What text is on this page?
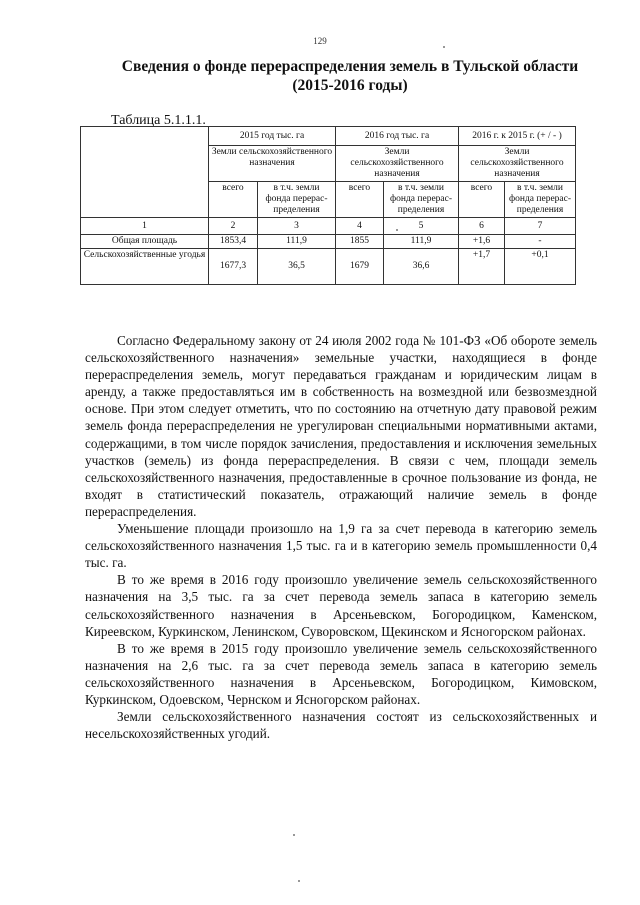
129
Сведения о фонде перераспределения земель в Тульской области
(2015-2016 годы)
Таблица 5.1.1.1.
	2015 год тыс. га		2016 год тыс. га		2016 г. к 2015 г. (+ / - )	
	Земли сельскохозяйственного назначения		Земли сельскохозяйственного назначения		Земли сельскохозяйственного назначения	
	всего	в т.ч. земли фонда перерас- пределения	всего	в т.ч. земли фонда перерас- пределения	всего	в т.ч. земли фонда перерас- пределения
1	2	3	4	5	6	7
Общая площадь	1853,4	111,9	1855	111,9	+1,6	-
Сельскохозяйственные угодья	1677,3	36,5	1679	36,6	+1,7	+0,1

Согласно Федеральному закону от 24 июля 2002 года № 101-ФЗ «Об обороте земель сельскохозяйственного назначения» земельные участки, находящиеся в фонде перераспределения земель, могут передаваться гражданам и юридическим лицам в аренду, а также предоставляться им в собственность на возмездной или безвозмездной основе. При этом следует отметить, что по состоянию на отчетную дату правовой режим земель фонда перераспределения не урегулирован специальными нормативными актами, содержащими, в том числе порядок зачисления, предоставления и исключения земельных участков (земель) из фонда перераспределения. В связи с чем, площади земель сельскохозяйственного назначения, предоставленные в срочное пользование из фонда, не входят в статистический показатель, отражающий наличие земель в фонде перераспределения.

Уменьшение площади произошло на 1,9 га за счет перевода в категорию земель сельскохозяйственного назначения 1,5 тыс. га и в категорию земель промышленности 0,4 тыс. га.

В то же время в 2016 году произошло увеличение земель сельскохозяйственного назначения на 3,5 тыс. га за счет перевода земель запаса в категорию земель сельскохозяйственного назначения в Арсеньевском, Богородицком, Каменском, Киреевском, Куркинском, Ленинском, Суворовском, Щекинском и Ясногорском районах.

В то же время в 2015 году произошло увеличение земель сельскохозяйственного назначения на 2,6 тыс. га за счет перевода земель запаса в категорию земель сельскохозяйственного назначения в Арсеньевском, Богородицком, Кимовском, Куркинском, Одоевском, Чернском и Ясногорском районах.

Земли сельскохозяйственного назначения состоят из сельскохозяйственных и несельскохозяйственных угодий.
